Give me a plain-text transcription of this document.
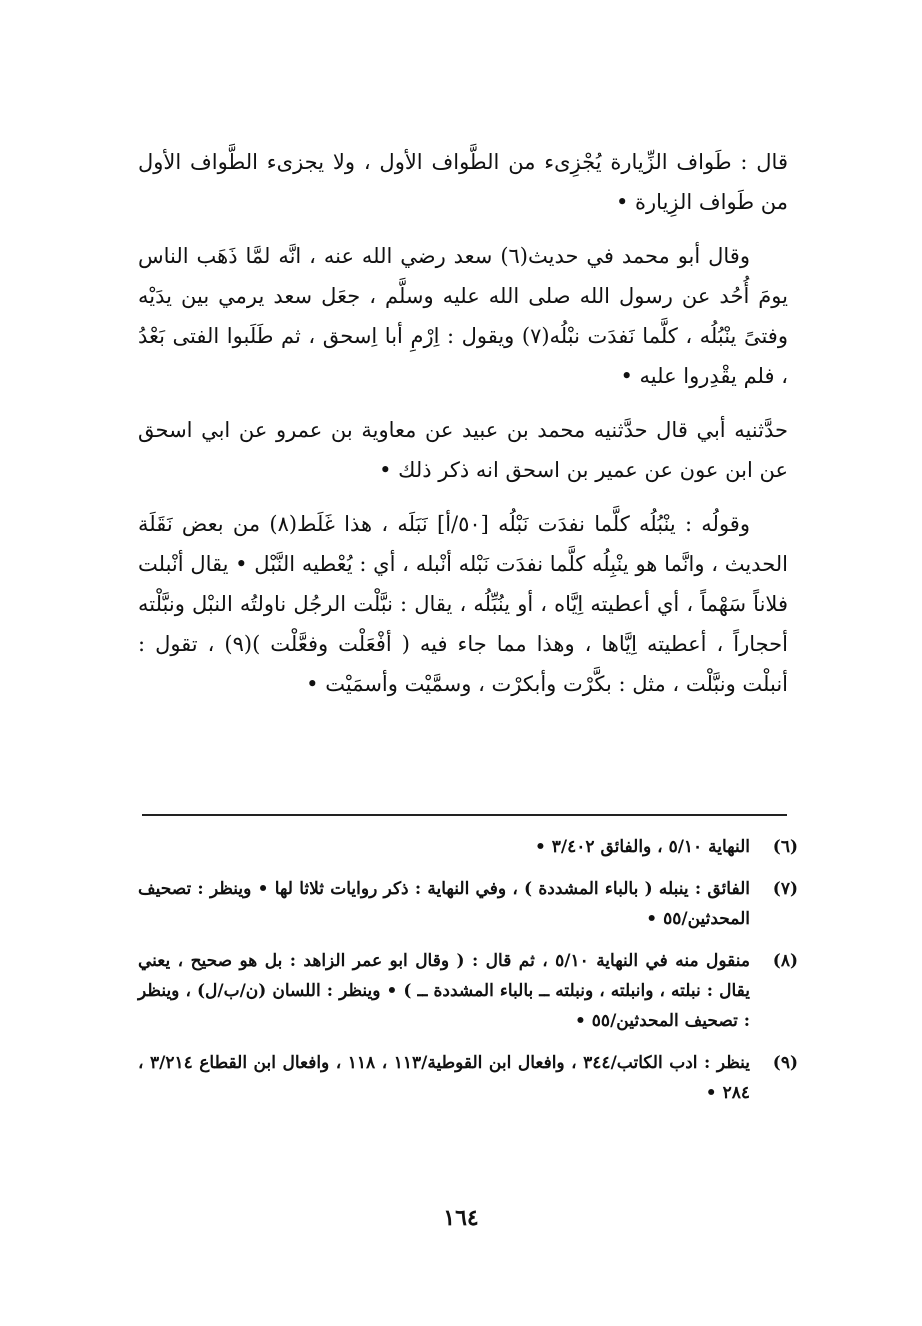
قال : طَواف الزِّيارة يُجْزِىء من الطَّواف الأول ، ولا يجزىء الطَّواف الأول من طَواف الزِيارة •

وقال أبو محمد في حديث(٦) سعد رضي الله عنه ، انَّه لمَّا ذَهَب الناس يومَ أُحُد عن رسول الله صلى الله عليه وسلَّم ، جعَل سعد يرمي بين يدَيْه وفتىً ينْبُلُه ، كلَّما نَفدَت نبْلُه(٧) ويقول : اِرْمِ أبا اِسحق ، ثم طَلَبوا الفتى بَعْدُ ، فلم يقْدِروا عليه •

حدَّثنيه أبي قال حدَّثنيه محمد بن عبيد عن معاوية بن عمرو عن ابي اسحق عن ابن عون عن عمير بن اسحق انه ذكر ذلك •

وقولُه : ينْبُلُه كلَّما نفدَت نَبْلُه [٥٠/أ] نَبَلَه ، هذا غَلَط(٨) من بعض نَقَلَة الحديث ، وانَّما هو ينْبِلُه كلَّما نفدَت نَبْله أنْبله ، أي : يُعْطيه النَّبْل • يقال أنْبلت فلاناً سَهْماً ، أي أعطيته اِيَّاه ، أو ينُبِّلُه ، يقال : نبَّلْت الرجُل ناولتُه النبْل ونبَّلْته أحجاراً ، أعطيته اِيَّاها ، وهذا مما جاء فيه ( أفْعَلْت وفعَّلْت )(٩) ، تقول : أنبلْت ونبَّلْت ، مثل : بكَّرْت وأبكرْت ، وسمَّيْت وأسمَيْت •

(٦)
النهاية ٥/١٠ ، والفائق ٣/٤٠٢ •
(٧)
الفائق : ينبله ( بالباء المشددة ) ، وفي النهاية : ذكر روايات ثلاثا لها • وينظر : تصحيف المحدثين/٥٥ •
(٨)
منقول منه في النهاية ٥/١٠ ، ثم قال : ( وقال ابو عمر الزاهد : بل هو صحيح ، يعني يقال : نبلته ، وانبلته ، ونبلته ــ بالباء المشددة ــ ) • وينظر : اللسان (ن/ب/ل) ، وينظر : تصحيف المحدثين/٥٥ •
(٩)
ينظر : ادب الكاتب/٣٤٤ ، وافعال ابن القوطية/١١٣ ، ١١٨ ، وافعال ابن القطاع ٣/٢١٤ ، ٢٨٤ •
١٦٤
